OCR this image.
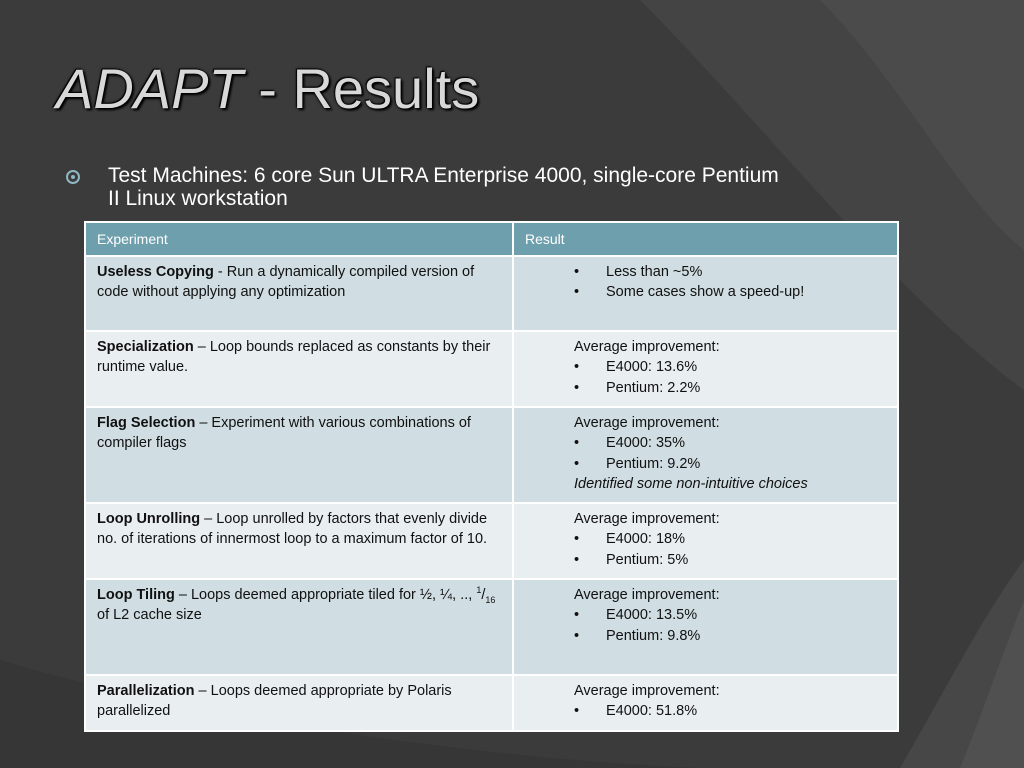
ADAPT - Results
Test Machines: 6 core Sun ULTRA Enterprise 4000, single-core Pentium II Linux workstation
Experiment	Result
Useless Copying - Run a dynamically compiled version of code without applying any optimization	• Less than ~5%
• Some cases show a speed-up!

Specialization – Loop bounds replaced as constants by their runtime value.	Average improvement:
• E4000: 13.6%
• Pentium: 2.2%

Flag Selection – Experiment with various combinations of compiler flags	Average improvement:
• E4000: 35%
• Pentium: 9.2%
Identified some non-intuitive choices

Loop Unrolling – Loop unrolled by factors that evenly divide no. of iterations of innermost loop to a maximum factor of 10.	Average improvement:
• E4000: 18%
• Pentium: 5%

Loop Tiling – Loops deemed appropriate tiled for ½, ¼, .., $^1/_{16}$ of L2 cache size	Average improvement:
• E4000: 13.5%
• Pentium: 9.8%

Parallelization – Loops deemed appropriate by Polaris parallelized	Average improvement:
• E4000: 51.8%
